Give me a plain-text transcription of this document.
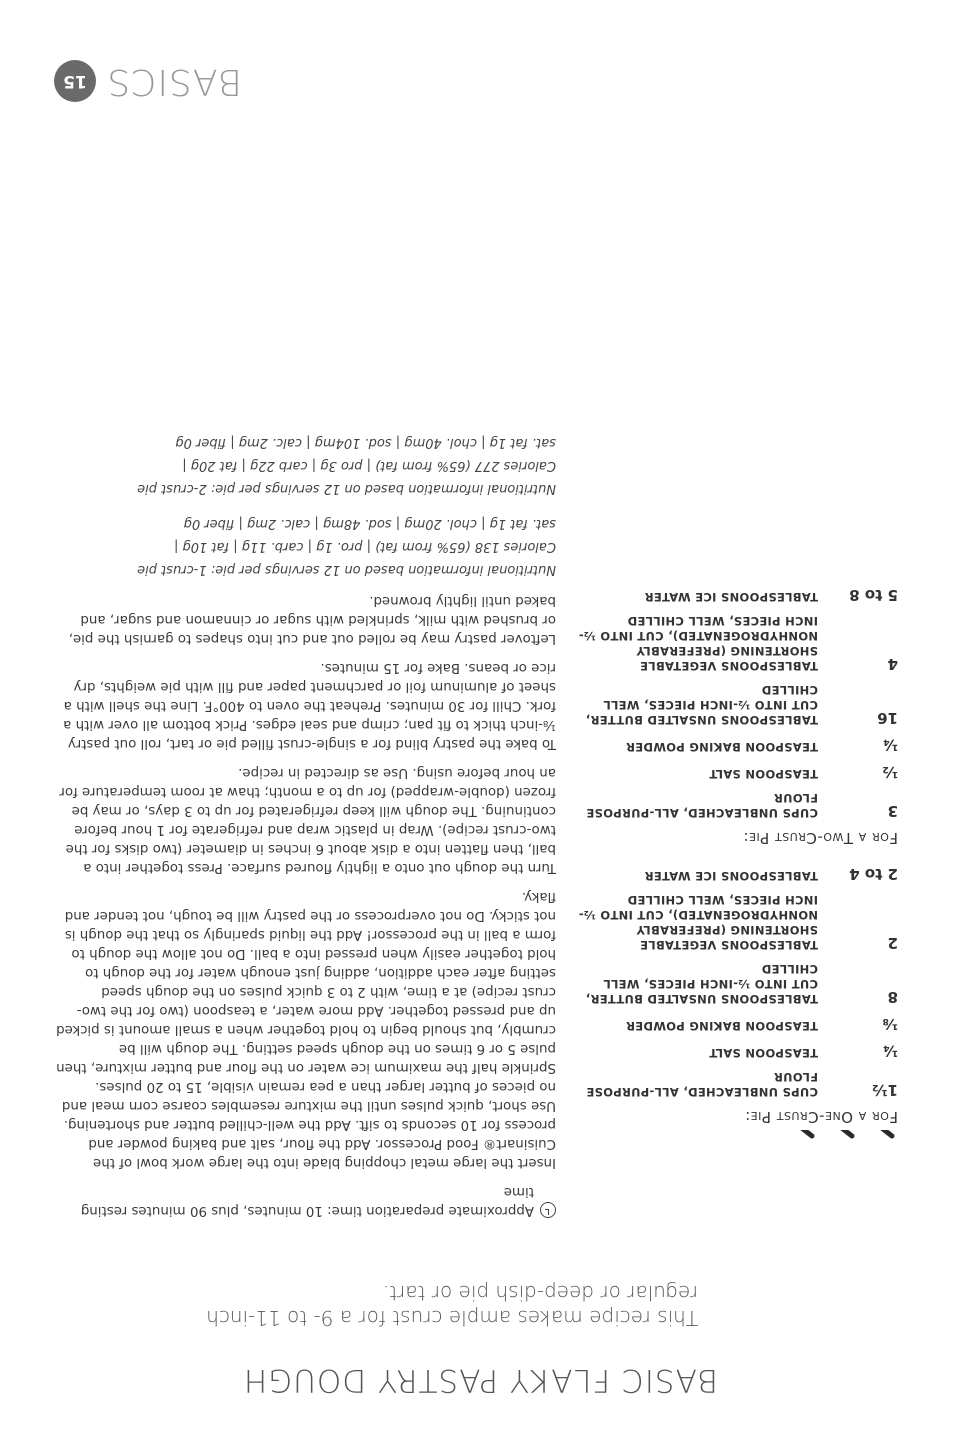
BASIC FLAKY PASTRY DOUGH
This recipe makes ample crust for a 9- to 11-inch regular or deep-dish pie or tart.
For a One-Crust Pie:
1½
CUPS UNBLEACHED, ALL-PURPOSE FLOUR
¼
TEASPOON SALT
⅛
TEASPOON BAKING POWDER
8
TABLESPOONS UNSALTED BUTTER, CUT INTO ½-INCH PIECES, WELL CHILLED
2
TABLESPOONS VEGETABLE SHORTENING (PREFERABLY NONHYDROGENATED), CUT INTO ½-INCH PIECES, WELL CHILLED
2 to 4
TABLESPOONS ICE WATER
For a Two-Crust Pie:
3
CUPS UNBLEACHED, ALL-PURPOSE FLOUR
½
TEASPOON SALT
¼
TEASPOON BAKING POWDER
16
TABLESPOONS UNSALTED BUTTER, CUT INTO ½-INCH PIECES, WELL CHILLED
4
TABLESPOONS VEGETABLE SHORTENING (PREFERABLY NONHYDROGENATED), CUT INTO ½-INCH PIECES, WELL CHILLED
5 to 8
TABLESPOONS ICE WATER

Approximate preparation time: 10 minutes, plus 90 minutes resting time

Insert the large metal chopping blade into the large work bowl of the Cuisinart® Food Processor. Add the flour, salt and baking powder and process for 10 seconds to sift. Add the well-chilled butter and shortening. Use short, quick pulses until the mixture resembles coarse corn meal and no pieces of butter larger than a pea remain visible, 15 to 20 pulses. Sprinkle half the maximum ice water on the flour and butter mixture, then pulse 5 or 6 times on the dough speed setting. The dough will be crumbly, but should begin to hold together when a small amount is picked up and pressed together. Add more water, a teaspoon (two for the two-crust recipe) at a time, with 2 to 3 quick pulses on the dough speed setting after each addition, adding just enough water for the dough to hold together easily when pressed into a ball. Do not allow the dough to form a ball in the processor! Add the liquid sparingly so that the dough is not sticky. Do not overprocess or the pastry will be tough, not tender and flaky.

Turn the dough out onto a lightly floured surface. Press together into a ball, then flatten into a disk about 6 inches in diameter (two disks for the two-crust recipe). Wrap in plastic wrap and refrigerate for 1 hour before continuing. The dough will keep refrigerated for up to 3 days, or may be frozen (double-wrapped) for up to a month; thaw at room temperature for an hour before using. Use as directed in recipe.

To bake the pastry blind for a single-crust filled pie or tart, roll out pastry ⅛-inch thick to fit pan; crimp and seal edges. Prick bottom all over with a fork. Chill for 30 minutes. Preheat the oven to 400°F. Line the shell with a sheet of aluminum foil or parchment paper and fill with pie weights, dry rice or beans. Bake for 15 minutes.

Leftover pastry may be rolled out and cut into shapes to garnish the pie, or brushed with milk, sprinkled with sugar or cinnamon and sugar, and baked until lightly browned.

Nutritional information based on 12 servings per pie: 1-crust pie
Calories 138 (65% from fat) | pro. 1g | carb. 11g | fat 10g |
sat. fat 1g | chol. 20mg | sod. 48mg | calc. 2mg | fiber 0g
Nutritional information based on 12 servings per pie: 2-crust pie
Calories 277 (65% from fat) | pro 3g | carb 22g | fat 20g |
sat. fat 1g | chol. 40mg | sod. 104mg | calc. 2mg | fiber 0g
BASICS
15
